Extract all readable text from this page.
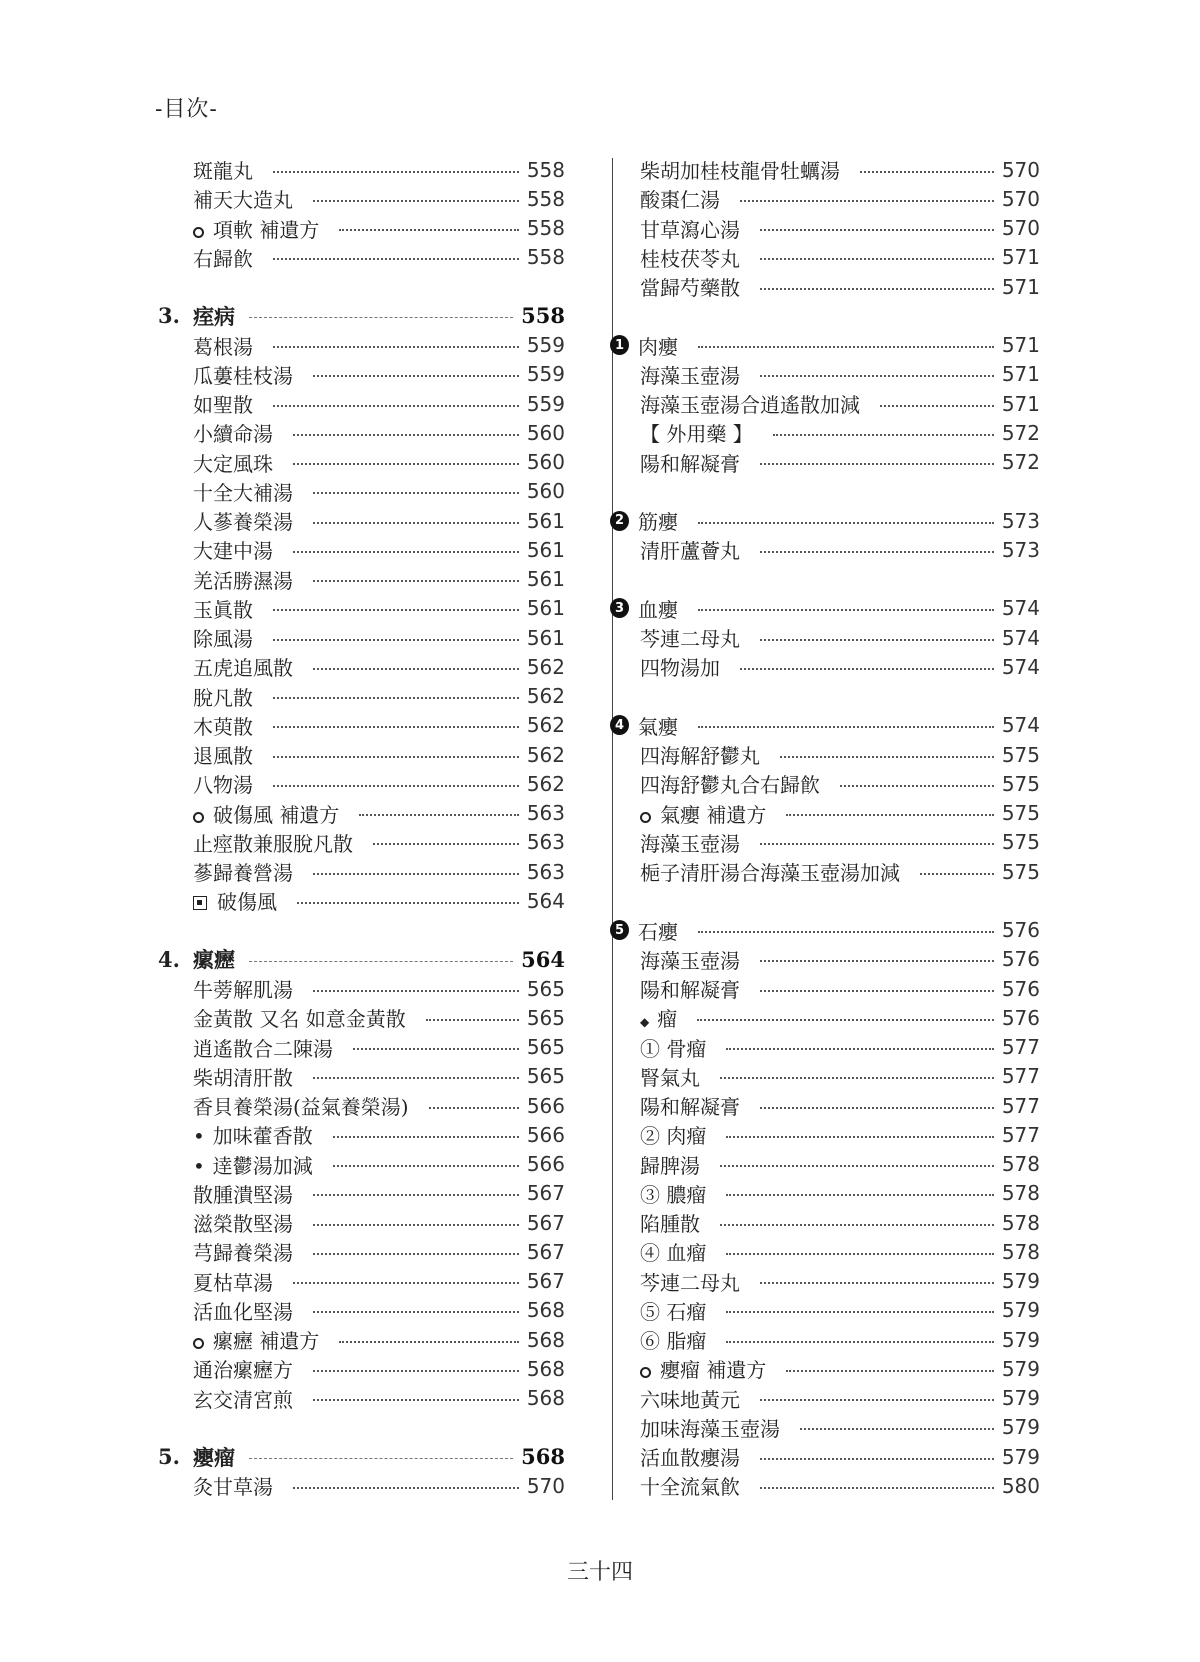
-目次-
斑龍丸	558
補天大造丸	558
項軟 補遺方	558
右歸飮	558
3. 痓病	558
葛根湯	559
瓜蔞桂枝湯	559
如聖散	559
小續命湯	560
大定風珠	560
十全大補湯	560
人蔘養榮湯	561
大建中湯	561
羌活勝濕湯	561
玉眞散	561
除風湯	561
五虎追風散	562
脫凡散	562
木萸散	562
退風散	562
八物湯	562
破傷風 補遺方	563
止痙散兼服脫凡散	563
蔘歸養營湯	563
破傷風	564
4. 瘰癧	564
牛蒡解肌湯	565
金黃散 又名 如意金黃散	565
逍遙散合二陳湯	565
柴胡清肝散	565
香貝養榮湯(益氣養榮湯)	566
• 加味藿香散	566
• 逹鬱湯加減	566
散腫潰堅湯	567
滋榮散堅湯	567
芎歸養榮湯	567
夏枯草湯	567
活血化堅湯	568
瘰癧 補遺方	568
通治瘰癧方	568
玄交清宮煎	568
5. 癭瘤	568
灸甘草湯	570
柴胡加桂枝龍骨牡蠣湯	570
酸棗仁湯	570
甘草瀉心湯	570
桂枝茯苓丸	571
當歸芍藥散	571
1 肉癭	571
海藻玉壺湯	571
海藻玉壺湯合逍遙散加減	571
【 外用藥 】	572
陽和解凝膏	572
2 筋癭	573
清肝蘆薈丸	573
3 血癭	574
芩連二母丸	574
四物湯加	574
4 氣癭	574
四海解舒鬱丸	575
四海舒鬱丸合右歸飮	575
氣癭 補遺方	575
海藻玉壺湯	575
梔子清肝湯合海藻玉壺湯加減	575
5 石癭	576
海藻玉壺湯	576
陽和解凝膏	576
◆ 瘤	576
① 骨瘤	577
腎氣丸	577
陽和解凝膏	577
② 肉瘤	577
歸脾湯	578
③ 膿瘤	578
陷腫散	578
④ 血瘤	578
芩連二母丸	579
⑤ 石瘤	579
⑥ 脂瘤	579
癭瘤 補遺方	579
六味地黃元	579
加味海藻玉壺湯	579
活血散癭湯	579
十全流氣飮	580
三十四
